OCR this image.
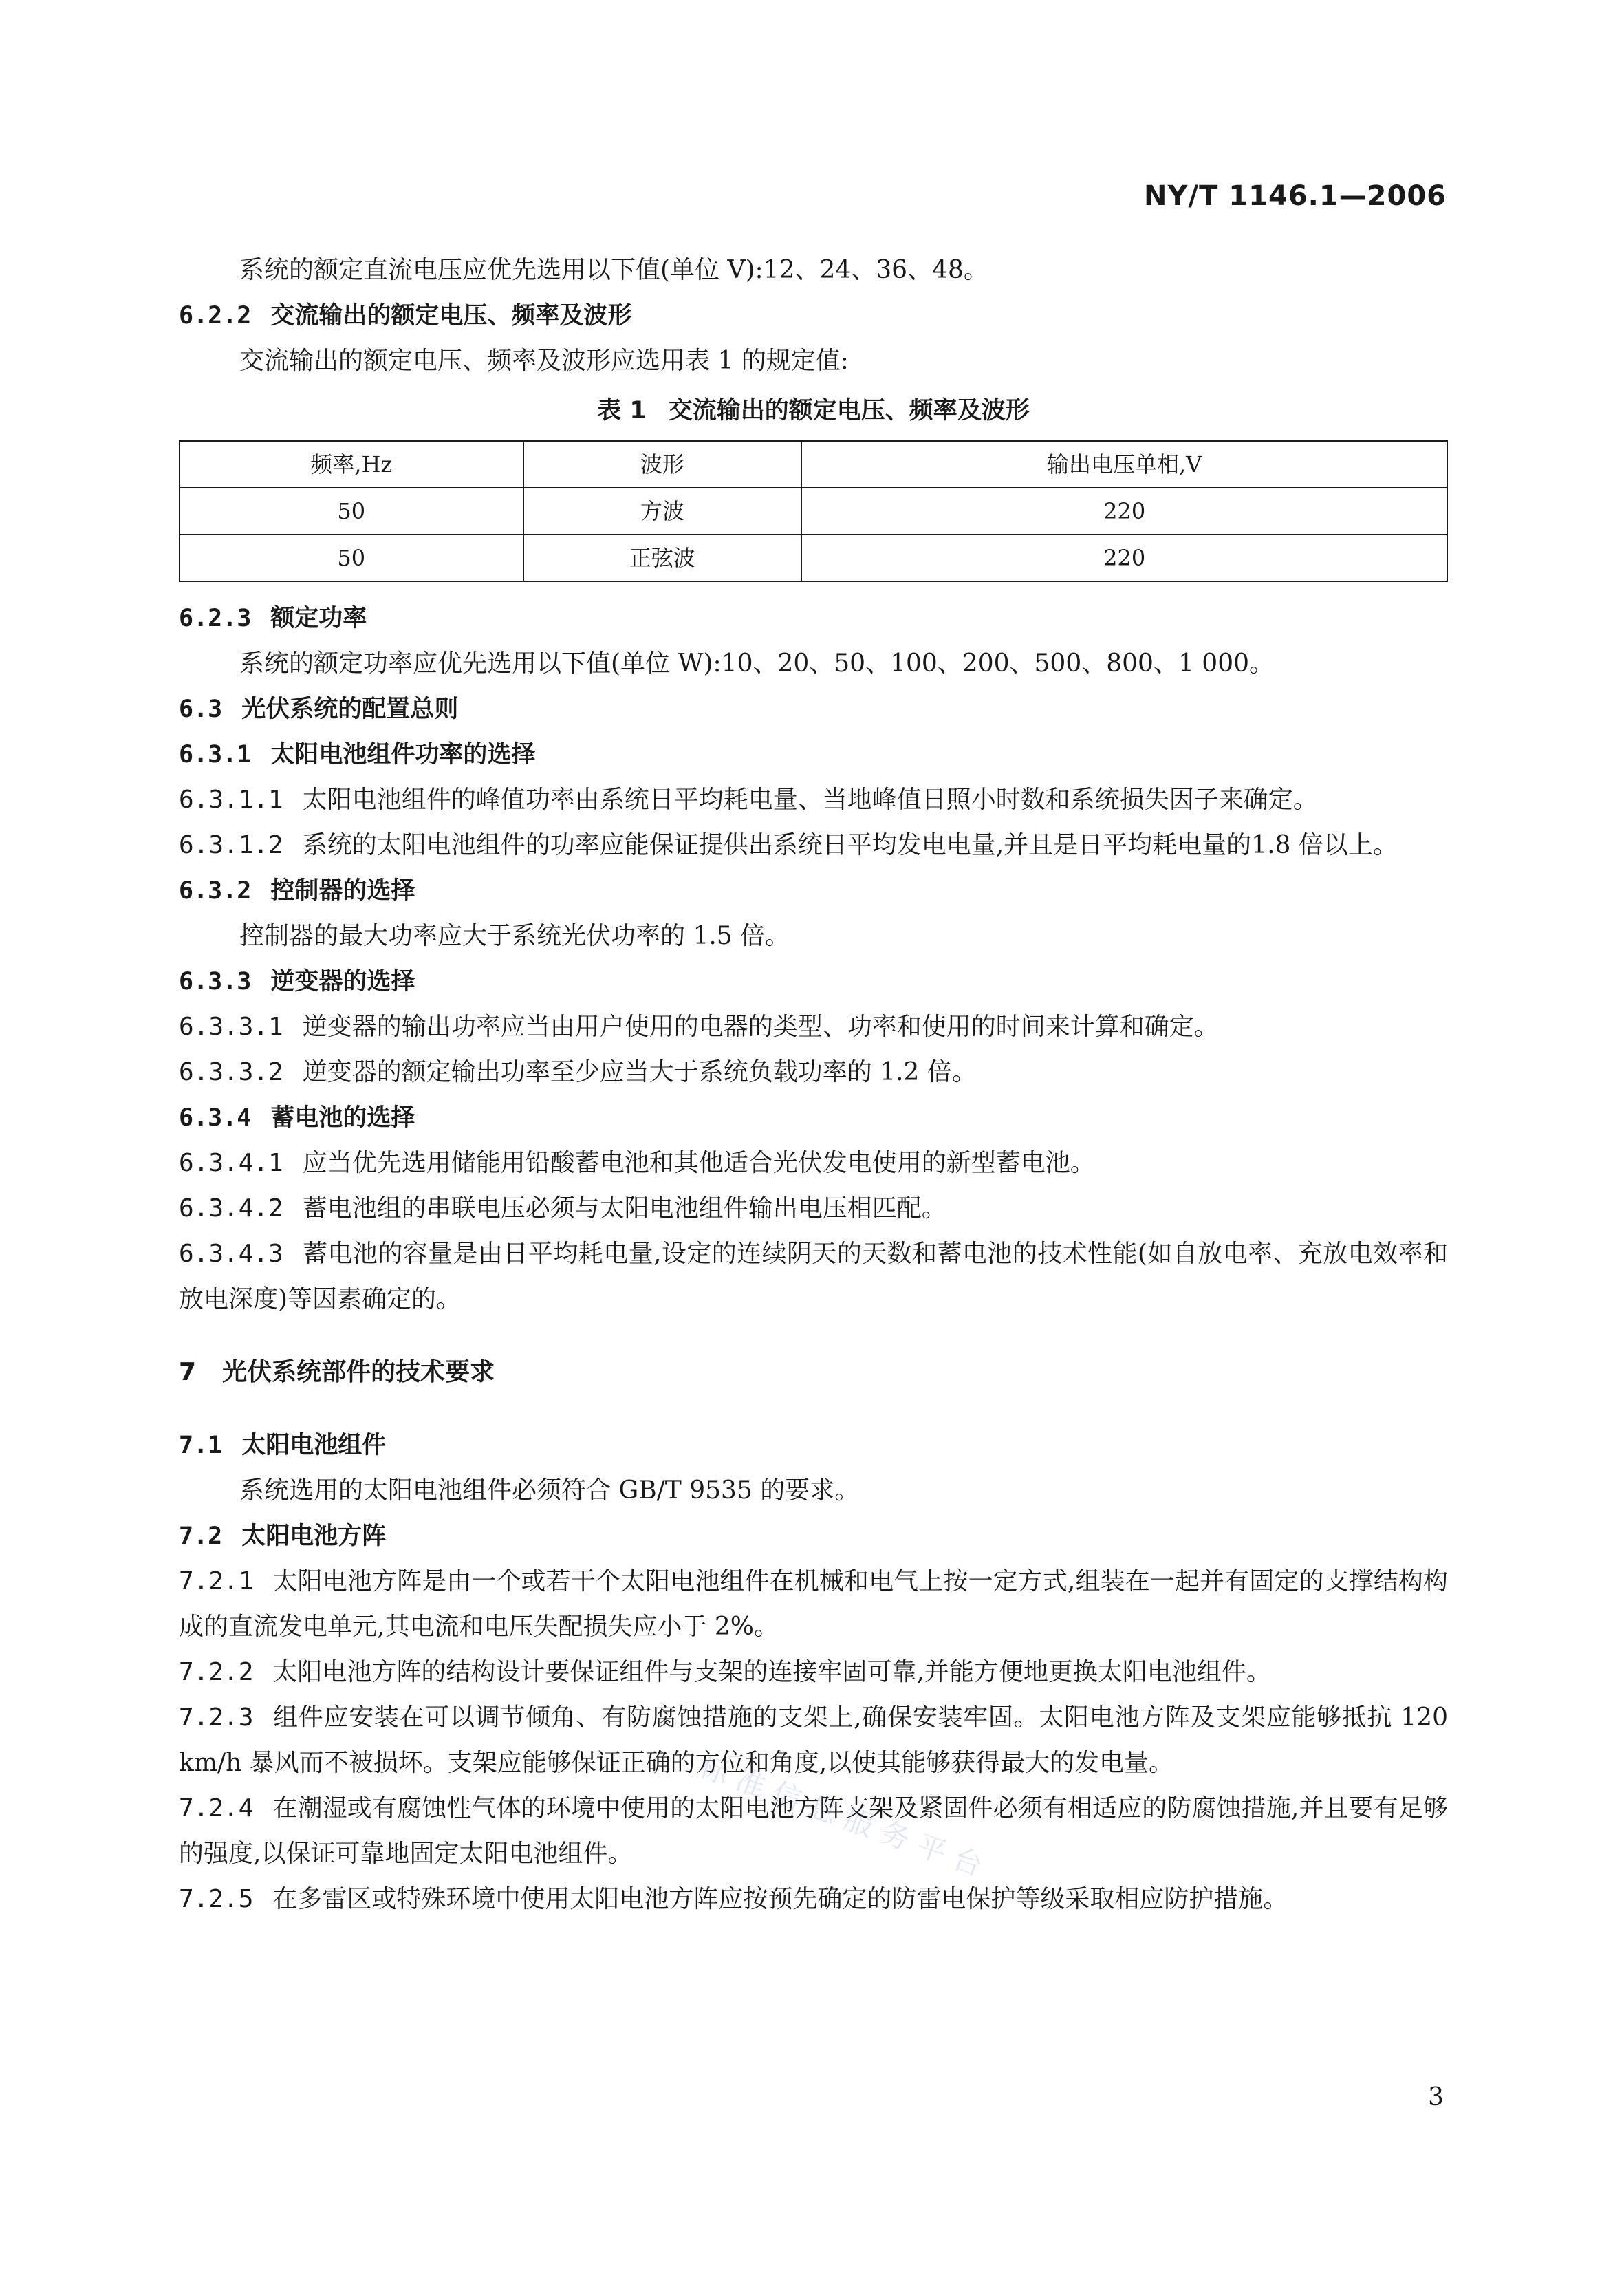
NY/T 1146.1—2006

系统的额定直流电压应优先选用以下值(单位 V):12、24、36、48。

6.2.2 交流输出的额定电压、频率及波形

交流输出的额定电压、频率及波形应选用表 1 的规定值:

表 1 交流输出的额定电压、频率及波形
频率,Hz	波形	输出电压单相,V
50	方波	220
50	正弦波	220

6.2.3 额定功率

系统的额定功率应优先选用以下值(单位 W):10、20、50、100、200、500、800、1 000。

6.3 光伏系统的配置总则

6.3.1 太阳电池组件功率的选择

6.3.1.1 太阳电池组件的峰值功率由系统日平均耗电量、当地峰值日照小时数和系统损失因子来确定。

6.3.1.2 系统的太阳电池组件的功率应能保证提供出系统日平均发电电量,并且是日平均耗电量的1.8 倍以上。

6.3.2 控制器的选择

控制器的最大功率应大于系统光伏功率的 1.5 倍。

6.3.3 逆变器的选择

6.3.3.1 逆变器的输出功率应当由用户使用的电器的类型、功率和使用的时间来计算和确定。

6.3.3.2 逆变器的额定输出功率至少应当大于系统负载功率的 1.2 倍。

6.3.4 蓄电池的选择

6.3.4.1 应当优先选用储能用铅酸蓄电池和其他适合光伏发电使用的新型蓄电池。

6.3.4.2 蓄电池组的串联电压必须与太阳电池组件输出电压相匹配。

6.3.4.3 蓄电池的容量是由日平均耗电量,设定的连续阴天的天数和蓄电池的技术性能(如自放电率、充放电效率和放电深度)等因素确定的。

7 光伏系统部件的技术要求

7.1 太阳电池组件

系统选用的太阳电池组件必须符合 GB/T 9535 的要求。

7.2 太阳电池方阵

7.2.1 太阳电池方阵是由一个或若干个太阳电池组件在机械和电气上按一定方式,组装在一起并有固定的支撑结构构成的直流发电单元,其电流和电压失配损失应小于 2%。

7.2.2 太阳电池方阵的结构设计要保证组件与支架的连接牢固可靠,并能方便地更换太阳电池组件。

7.2.3 组件应安装在可以调节倾角、有防腐蚀措施的支架上,确保安装牢固。太阳电池方阵及支架应能够抵抗 120 km/h 暴风而不被损坏。支架应能够保证正确的方位和角度,以使其能够获得最大的发电量。

7.2.4 在潮湿或有腐蚀性气体的环境中使用的太阳电池方阵支架及紧固件必须有相适应的防腐蚀措施,并且要有足够的强度,以保证可靠地固定太阳电池组件。

7.2.5 在多雷区或特殊环境中使用太阳电池方阵应按预先确定的防雷电保护等级采取相应防护措施。

标准信息服务平台
3
